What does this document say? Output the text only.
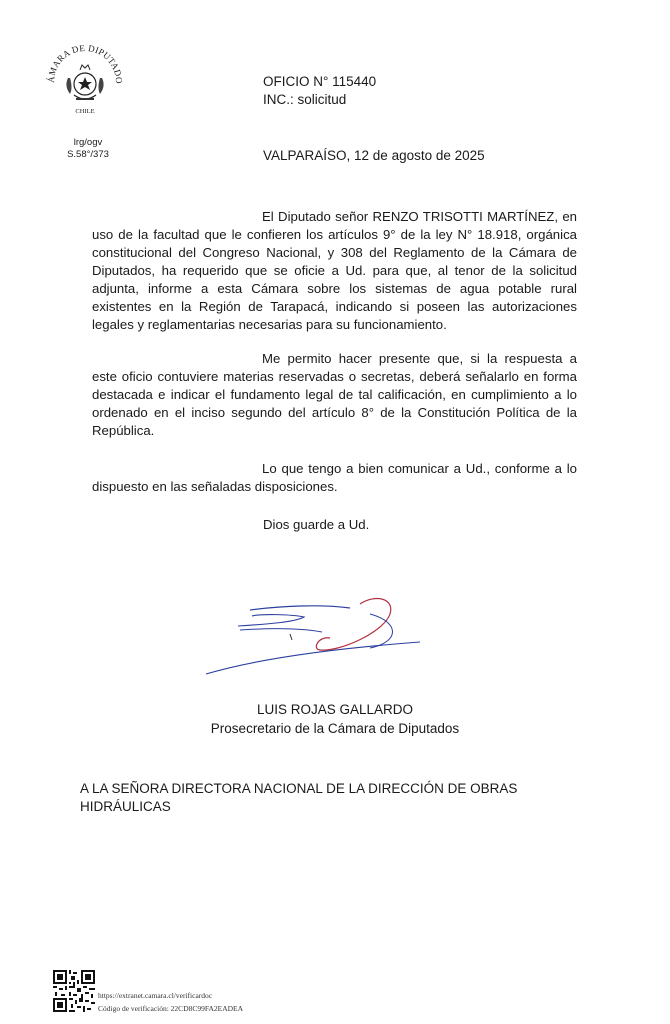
ÁMARA DE DIPUTADO
CHILE
OFICIO N° 115440
INC.: solicitud
lrg/ogv
S.58°/373	VALPARAÍSO, 12 de agosto de 2025
El Diputado señor RENZO TRISOTTI MARTÍNEZ, en uso de la facultad que le confieren los artículos 9° de la ley N° 18.918, orgánica constitucional del Congreso Nacional, y 308 del Reglamento de la Cámara de Diputados, ha requerido que se oficie a Ud. para que, al tenor de la solicitud adjunta, informe a esta Cámara sobre los sistemas de agua potable rural existentes en la Región de Tarapacá, indicando si poseen las autorizaciones legales y reglamentarias necesarias para su funcionamiento.
Me permito hacer presente que, si la respuesta a este oficio contuviere materias reservadas o secretas, deberá señalarlo en forma destacada e indicar el fundamento legal de tal calificación, en cumplimiento a lo ordenado en el inciso segundo del artículo 8° de la Constitución Política de la República.
Lo que tengo a bien comunicar a Ud., conforme a lo dispuesto en las señaladas disposiciones.
Dios guarde a Ud.
LUIS ROJAS GALLARDO
Prosecretario de la Cámara de Diputados
A LA SEÑORA DIRECTORA NACIONAL DE LA DIRECCIÓN DE OBRAS
HIDRÁULICAS
https://extranet.camara.cl/verificardoc
Código de verificación: 22CD8C99FA2EADEA
